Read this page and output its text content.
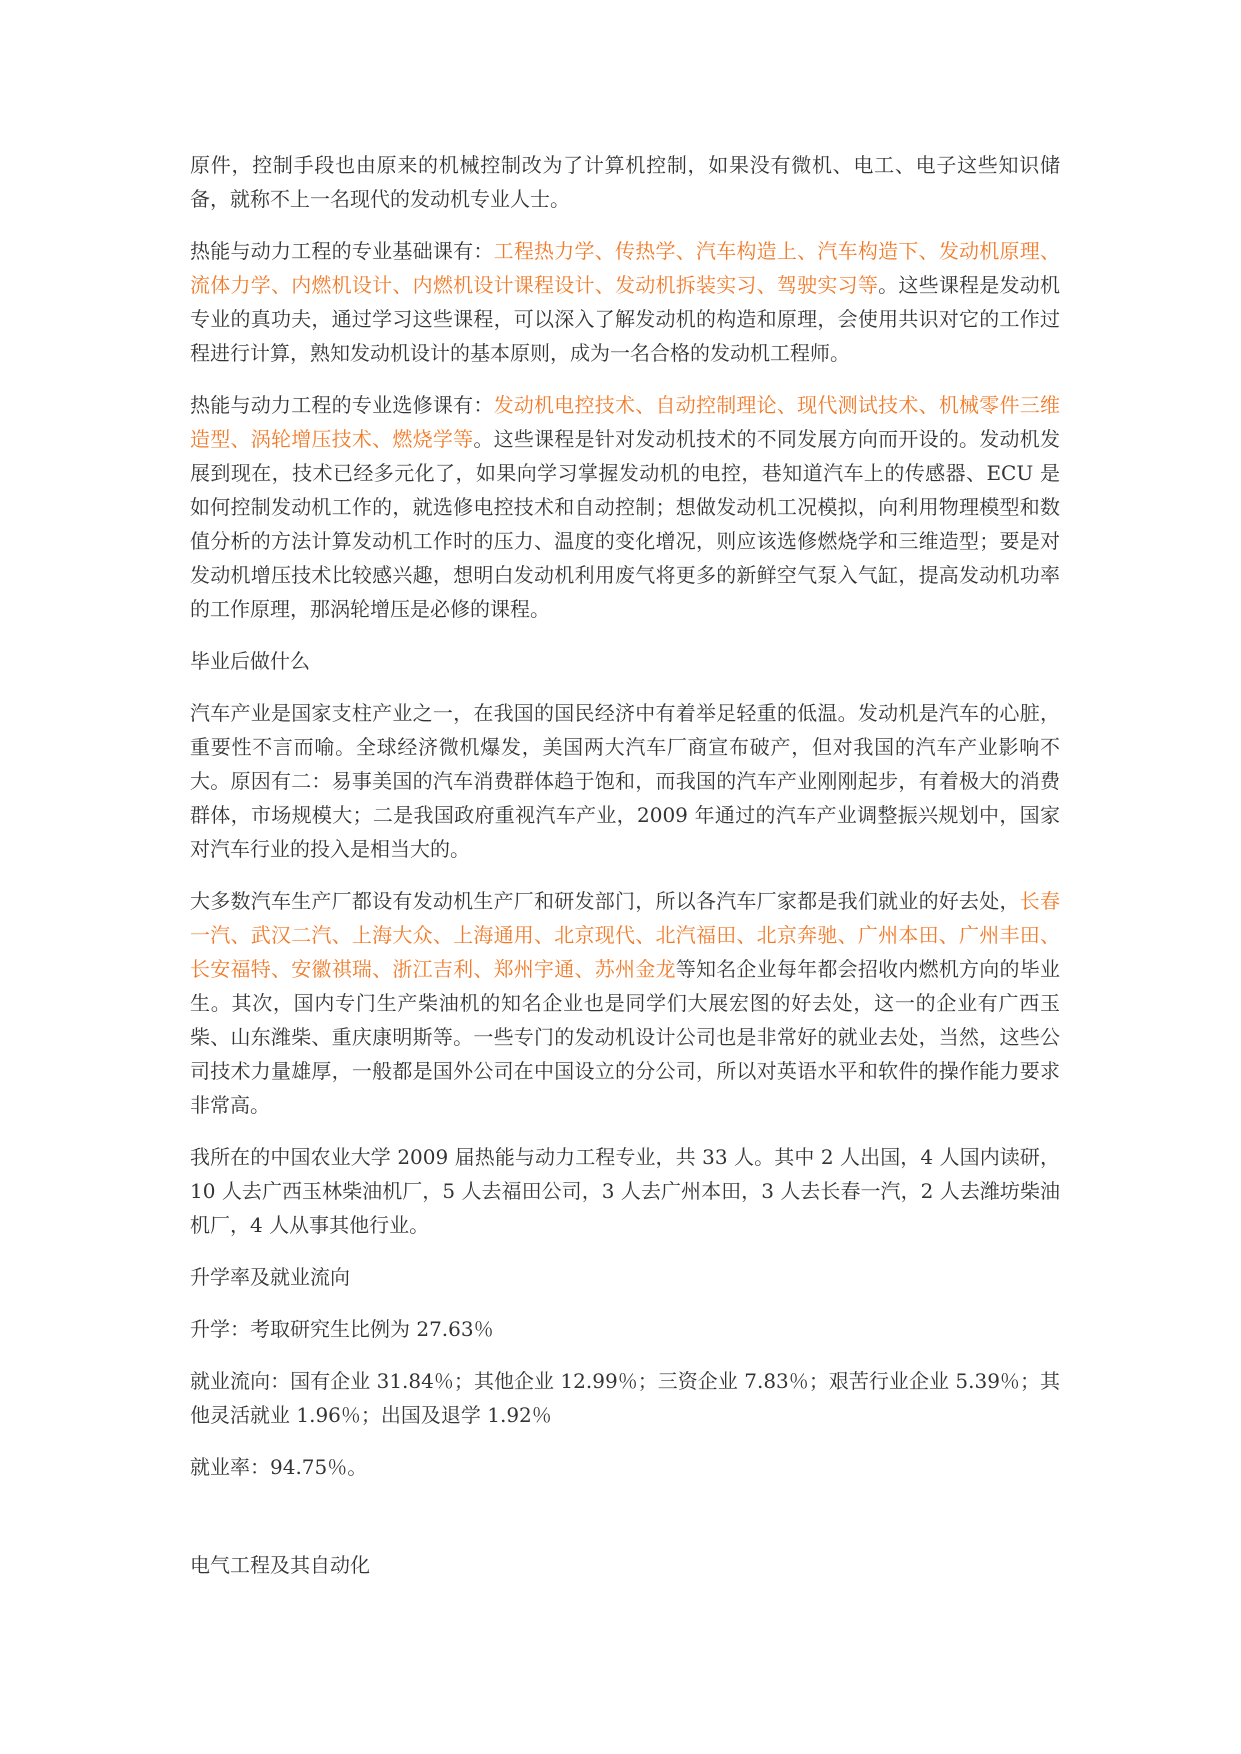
原件，控制手段也由原来的机械控制改为了计算机控制，如果没有微机、电工、电子这些知识储备，就称不上一名现代的发动机专业人士。

热能与动力工程的专业基础课有：工程热力学、传热学、汽车构造上、汽车构造下、发动机原理、流体力学、内燃机设计、内燃机设计课程设计、发动机拆装实习、驾驶实习等。这些课程是发动机专业的真功夫，通过学习这些课程，可以深入了解发动机的构造和原理，会使用共识对它的工作过程进行计算，熟知发动机设计的基本原则，成为一名合格的发动机工程师。

热能与动力工程的专业选修课有：发动机电控技术、自动控制理论、现代测试技术、机械零件三维造型、涡轮增压技术、燃烧学等。这些课程是针对发动机技术的不同发展方向而开设的。发动机发展到现在，技术已经多元化了，如果向学习掌握发动机的电控，巷知道汽车上的传感器、ECU 是如何控制发动机工作的，就选修电控技术和自动控制；想做发动机工况模拟，向利用物理模型和数值分析的方法计算发动机工作时的压力、温度的变化增况，则应该选修燃烧学和三维造型；要是对发动机增压技术比较感兴趣，想明白发动机利用废气将更多的新鲜空气泵入气缸，提高发动机功率的工作原理，那涡轮增压是必修的课程。

毕业后做什么

汽车产业是国家支柱产业之一，在我国的国民经济中有着举足轻重的低温。发动机是汽车的心脏，重要性不言而喻。全球经济微机爆发，美国两大汽车厂商宣布破产，但对我国的汽车产业影响不大。原因有二：易事美国的汽车消费群体趋于饱和，而我国的汽车产业刚刚起步，有着极大的消费群体，市场规模大；二是我国政府重视汽车产业，2009 年通过的汽车产业调整振兴规划中，国家对汽车行业的投入是相当大的。

大多数汽车生产厂都设有发动机生产厂和研发部门，所以各汽车厂家都是我们就业的好去处，长春一汽、武汉二汽、上海大众、上海通用、北京现代、北汽福田、北京奔驰、广州本田、广州丰田、长安福特、安徽祺瑞、浙江吉利、郑州宇通、苏州金龙等知名企业每年都会招收内燃机方向的毕业生。其次，国内专门生产柴油机的知名企业也是同学们大展宏图的好去处，这一的企业有广西玉柴、山东潍柴、重庆康明斯等。一些专门的发动机设计公司也是非常好的就业去处，当然，这些公司技术力量雄厚，一般都是国外公司在中国设立的分公司，所以对英语水平和软件的操作能力要求非常高。

我所在的中国农业大学 2009 届热能与动力工程专业，共 33 人。其中 2 人出国，4 人国内读研，10 人去广西玉林柴油机厂，5 人去福田公司，3 人去广州本田，3 人去长春一汽，2 人去潍坊柴油机厂，4 人从事其他行业。

升学率及就业流向

升学：考取研究生比例为 27.63％

就业流向：国有企业 31.84％；其他企业 12.99％；三资企业 7.83％；艰苦行业企业 5.39％；其他灵活就业 1.96％；出国及退学 1.92％

就业率：94.75％。

电气工程及其自动化
